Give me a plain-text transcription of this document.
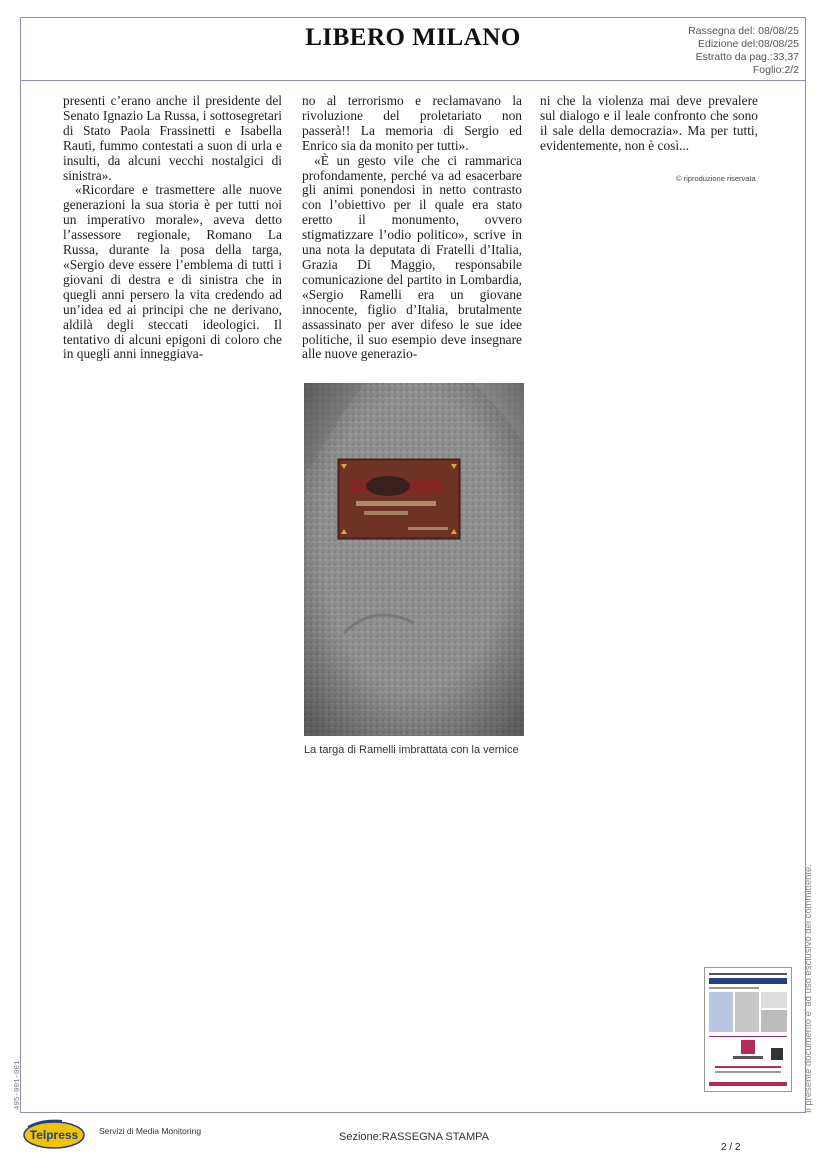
LIBERO MILANO	Rassegna del: 08/08/25
Edizione del:08/08/25
Estratto da pag.:33,37
Foglio:2/2

presenti c’erano anche il presidente del Senato Ignazio La Russa, i sottosegretari di Stato Paola Frassinetti e Isabella Rauti, fummo contestati a suon di urla e insulti, da alcuni vecchi nostalgici di sinistra».

«Ricordare e trasmettere alle nuove generazioni la sua storia è per tutti noi un imperativo morale», aveva detto l’assessore regionale, Romano La Russa, durante la posa della targa, «Sergio deve essere l’emblema di tutti i giovani di destra e di sinistra che in quegli anni persero la vita credendo ad un’idea ed ai principi che ne derivano, aldilà degli steccati ideologici. Il tentativo di alcuni epigoni di coloro che in quegli anni inneggiava-

no al terrorismo e reclamavano la rivoluzione del proletariato non passerà!! La memoria di Sergio ed Enrico sia da monito per tutti».

«È un gesto vile che ci rammarica profondamente, perché va ad esacerbare gli animi ponendosi in netto contrasto con l’obiettivo per il quale era stato eretto il monumento, ovvero stigmatizzare l’odio politico», scrive in una nota la deputata di Fratelli d’Italia, Grazia Di Maggio, responsabile comunicazione del partito in Lombardia, «Sergio Ramelli era un giovane innocente, figlio d’Italia, brutalmente assassinato per aver difeso le sue idee politiche, il suo esempio deve insegnare alle nuove generazio-

ni che la violenza mai deve prevalere sul dialogo e il leale confronto che sono il sale della democrazia». Ma per tutti, evidentemente, non è così...

© riproduzione riservata
La targa di Ramelli imbrattata con la vernice
Il presente documento e' ad uso esclusivo del committente.
495-001-001
Telpress Servizi di Media Monitoring	Sezione:RASSEGNA STAMPA
2 / 2
